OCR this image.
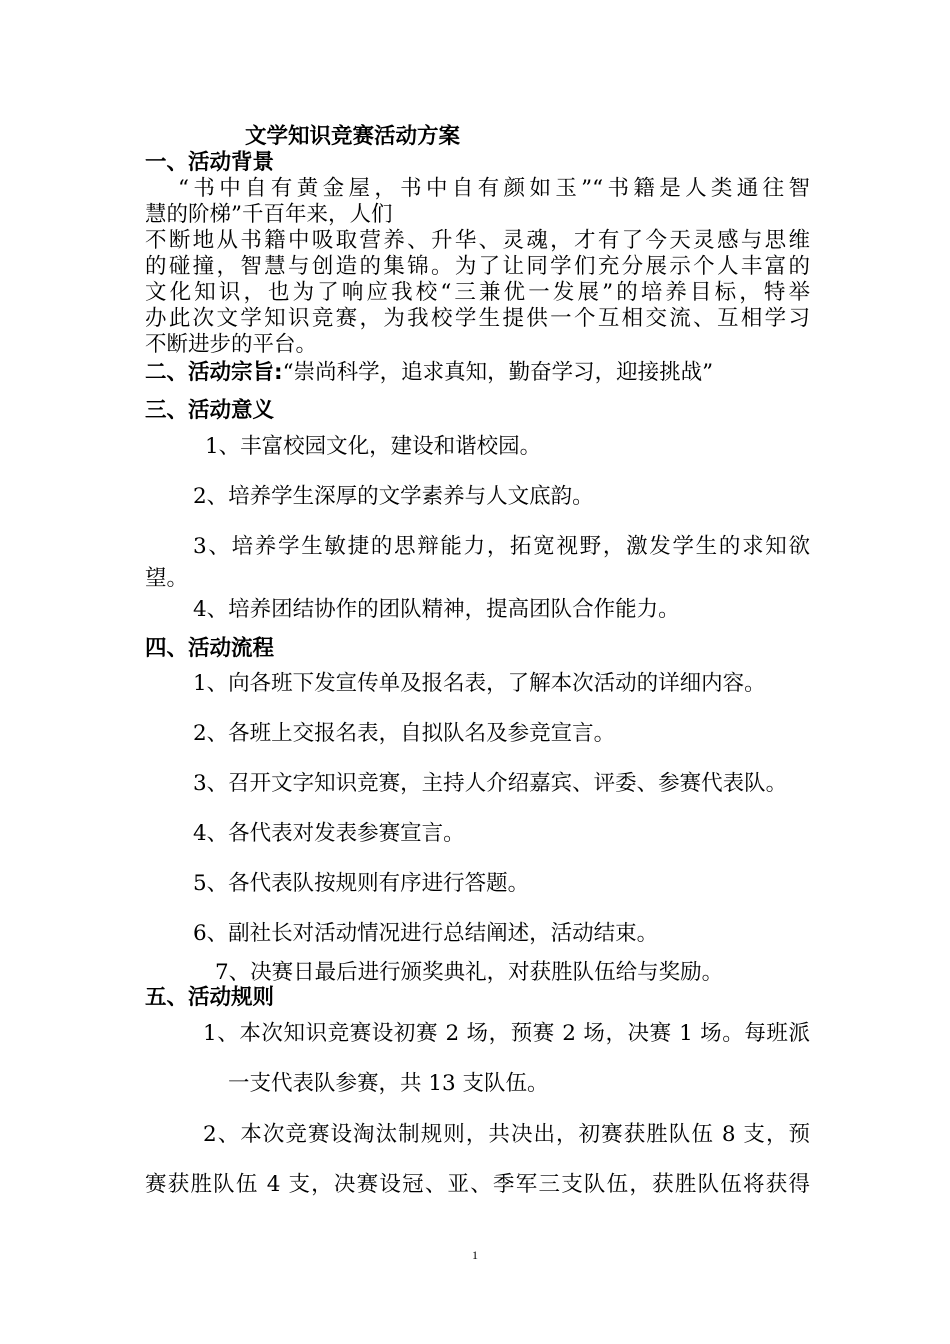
文学知识竞赛活动方案
一、活动背景
“书中自有黄金屋，书中自有颜如玉”“书籍是人类通往智
慧的阶梯”千百年来，人们
不断地从书籍中吸取营养、升华、灵魂，才有了今天灵感与思维
的碰撞，智慧与创造的集锦。为了让同学们充分展示个人丰富的
文化知识，也为了响应我校“三兼优一发展”的培养目标，特举
办此次文学知识竞赛，为我校学生提供一个互相交流、互相学习
不断进步的平台。
二、活动宗旨:“崇尚科学，追求真知，勤奋学习，迎接挑战”
三、活动意义
1、丰富校园文化，建设和谐校园。
2、培养学生深厚的文学素养与人文底韵。
3、培养学生敏捷的思辩能力，拓宽视野，激发学生的求知欲
望。
4、培养团结协作的团队精神，提高团队合作能力。
四、活动流程
1、向各班下发宣传单及报名表，了解本次活动的详细内容。
2、各班上交报名表，自拟队名及参竞宣言。
3、召开文字知识竞赛，主持人介绍嘉宾、评委、参赛代表队。
4、各代表对发表参赛宣言。
5、各代表队按规则有序进行答题。
6、副社长对活动情况进行总结阐述，活动结束。
7、决赛日最后进行颁奖典礼，对获胜队伍给与奖励。
五、活动规则
1、本次知识竞赛设初赛 2 场，预赛 2 场，决赛 1 场。每班派
一支代表队参赛，共 13 支队伍。
2、本次竞赛设淘汰制规则，共决出，初赛获胜队伍 8 支，预
赛获胜队伍 4 支，决赛设冠、亚、季军三支队伍，获胜队伍将获得
1
